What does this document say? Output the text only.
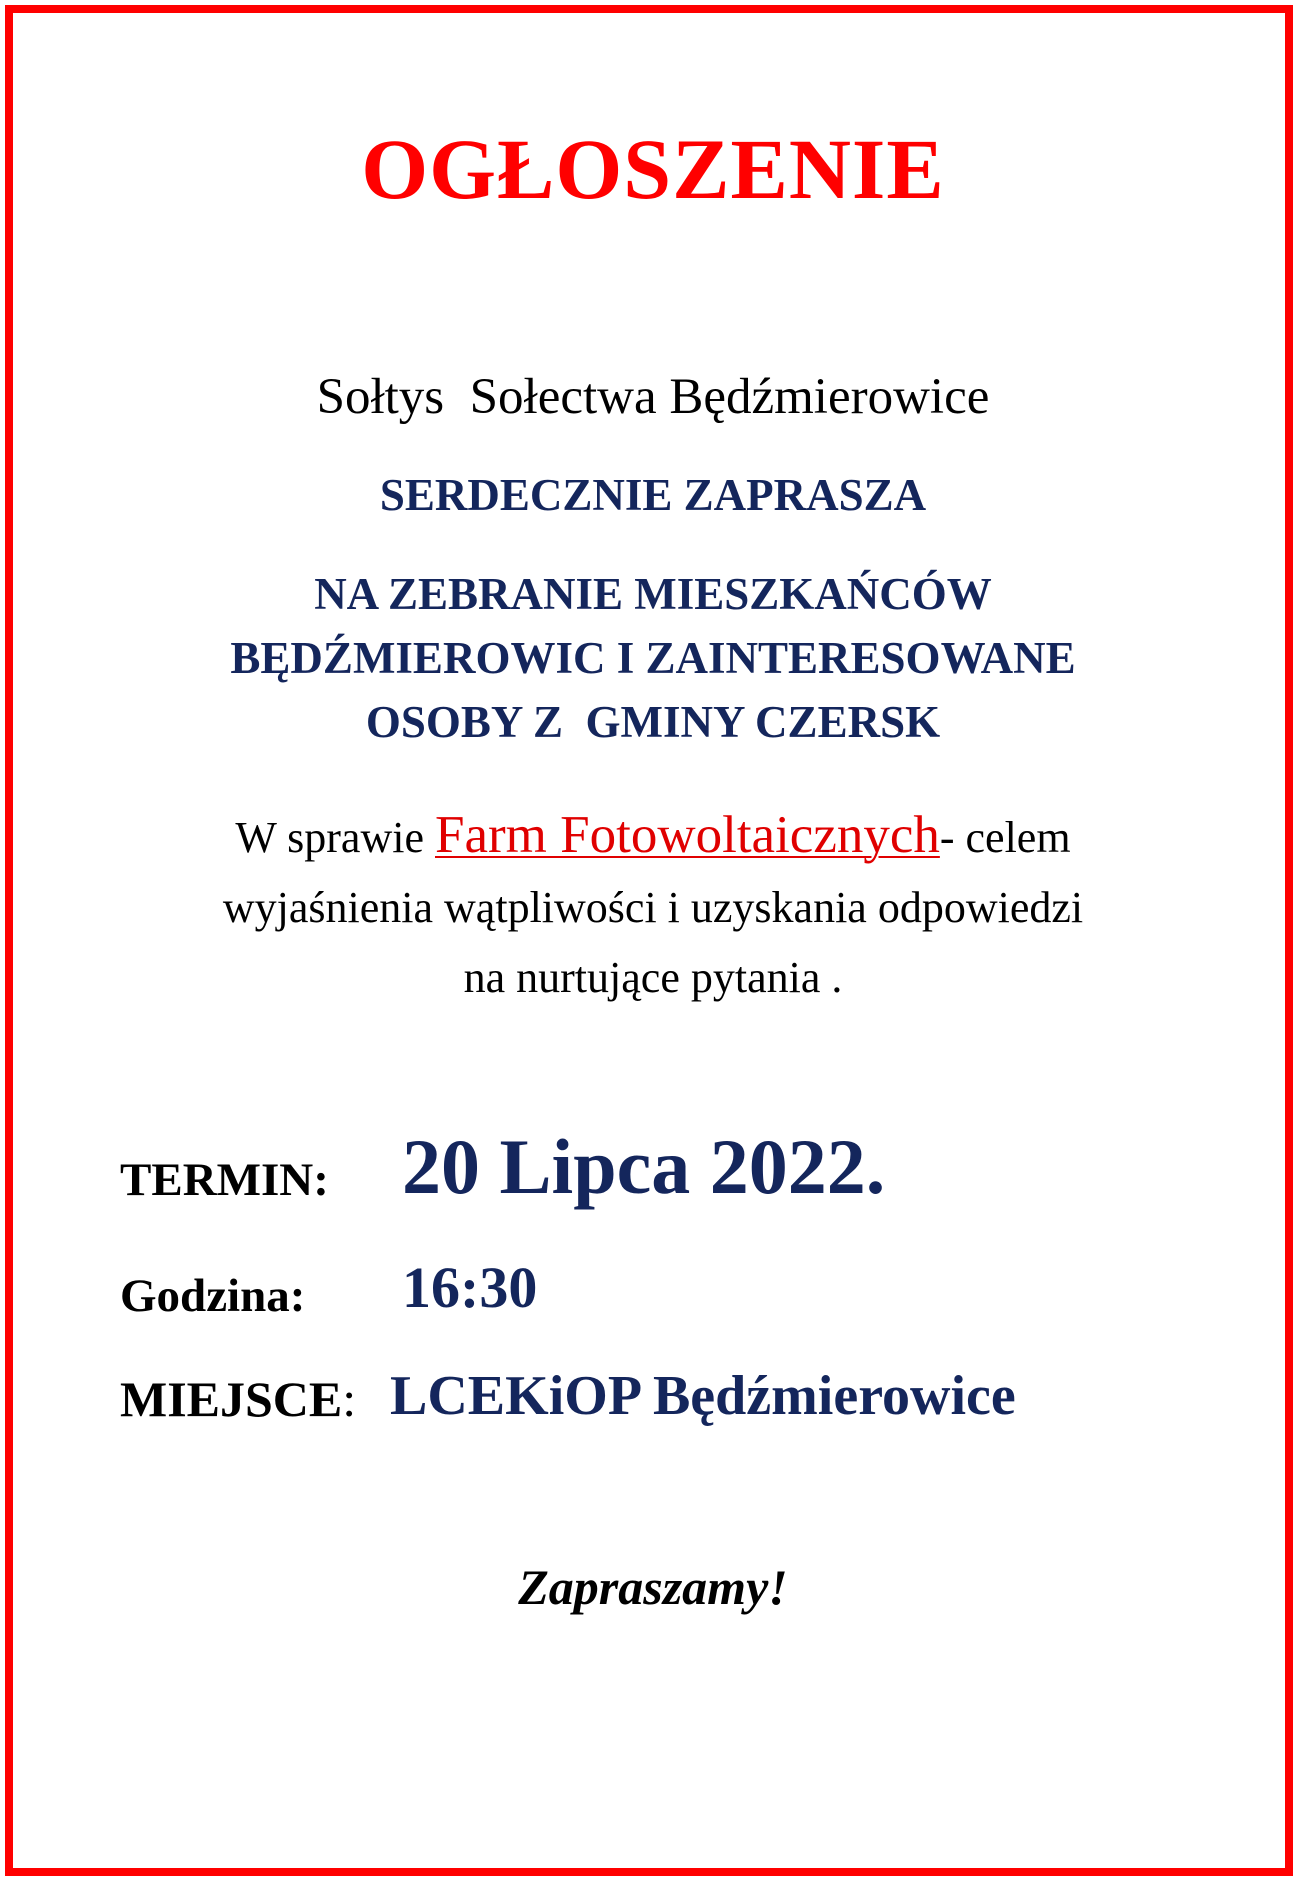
OGŁOSZENIE
Sołtys  Sołectwa Będźmierowice
SERDECZNIE ZAPRASZA
NA ZEBRANIE MIESZKAŃCÓW
BĘDŹMIEROWIC I ZAINTERESOWANE
OSOBY Z  GMINY CZERSK
W sprawie Farm Fotowoltaicznych- celem
wyjaśnienia wątpliwości i uzyskania odpowiedzi
na nurtujące pytania .
TERMIN: 20 Lipca 2022.
Godzina: 16:30
MIEJSCE: LCEKiOP Będźmierowice
Zapraszamy!
